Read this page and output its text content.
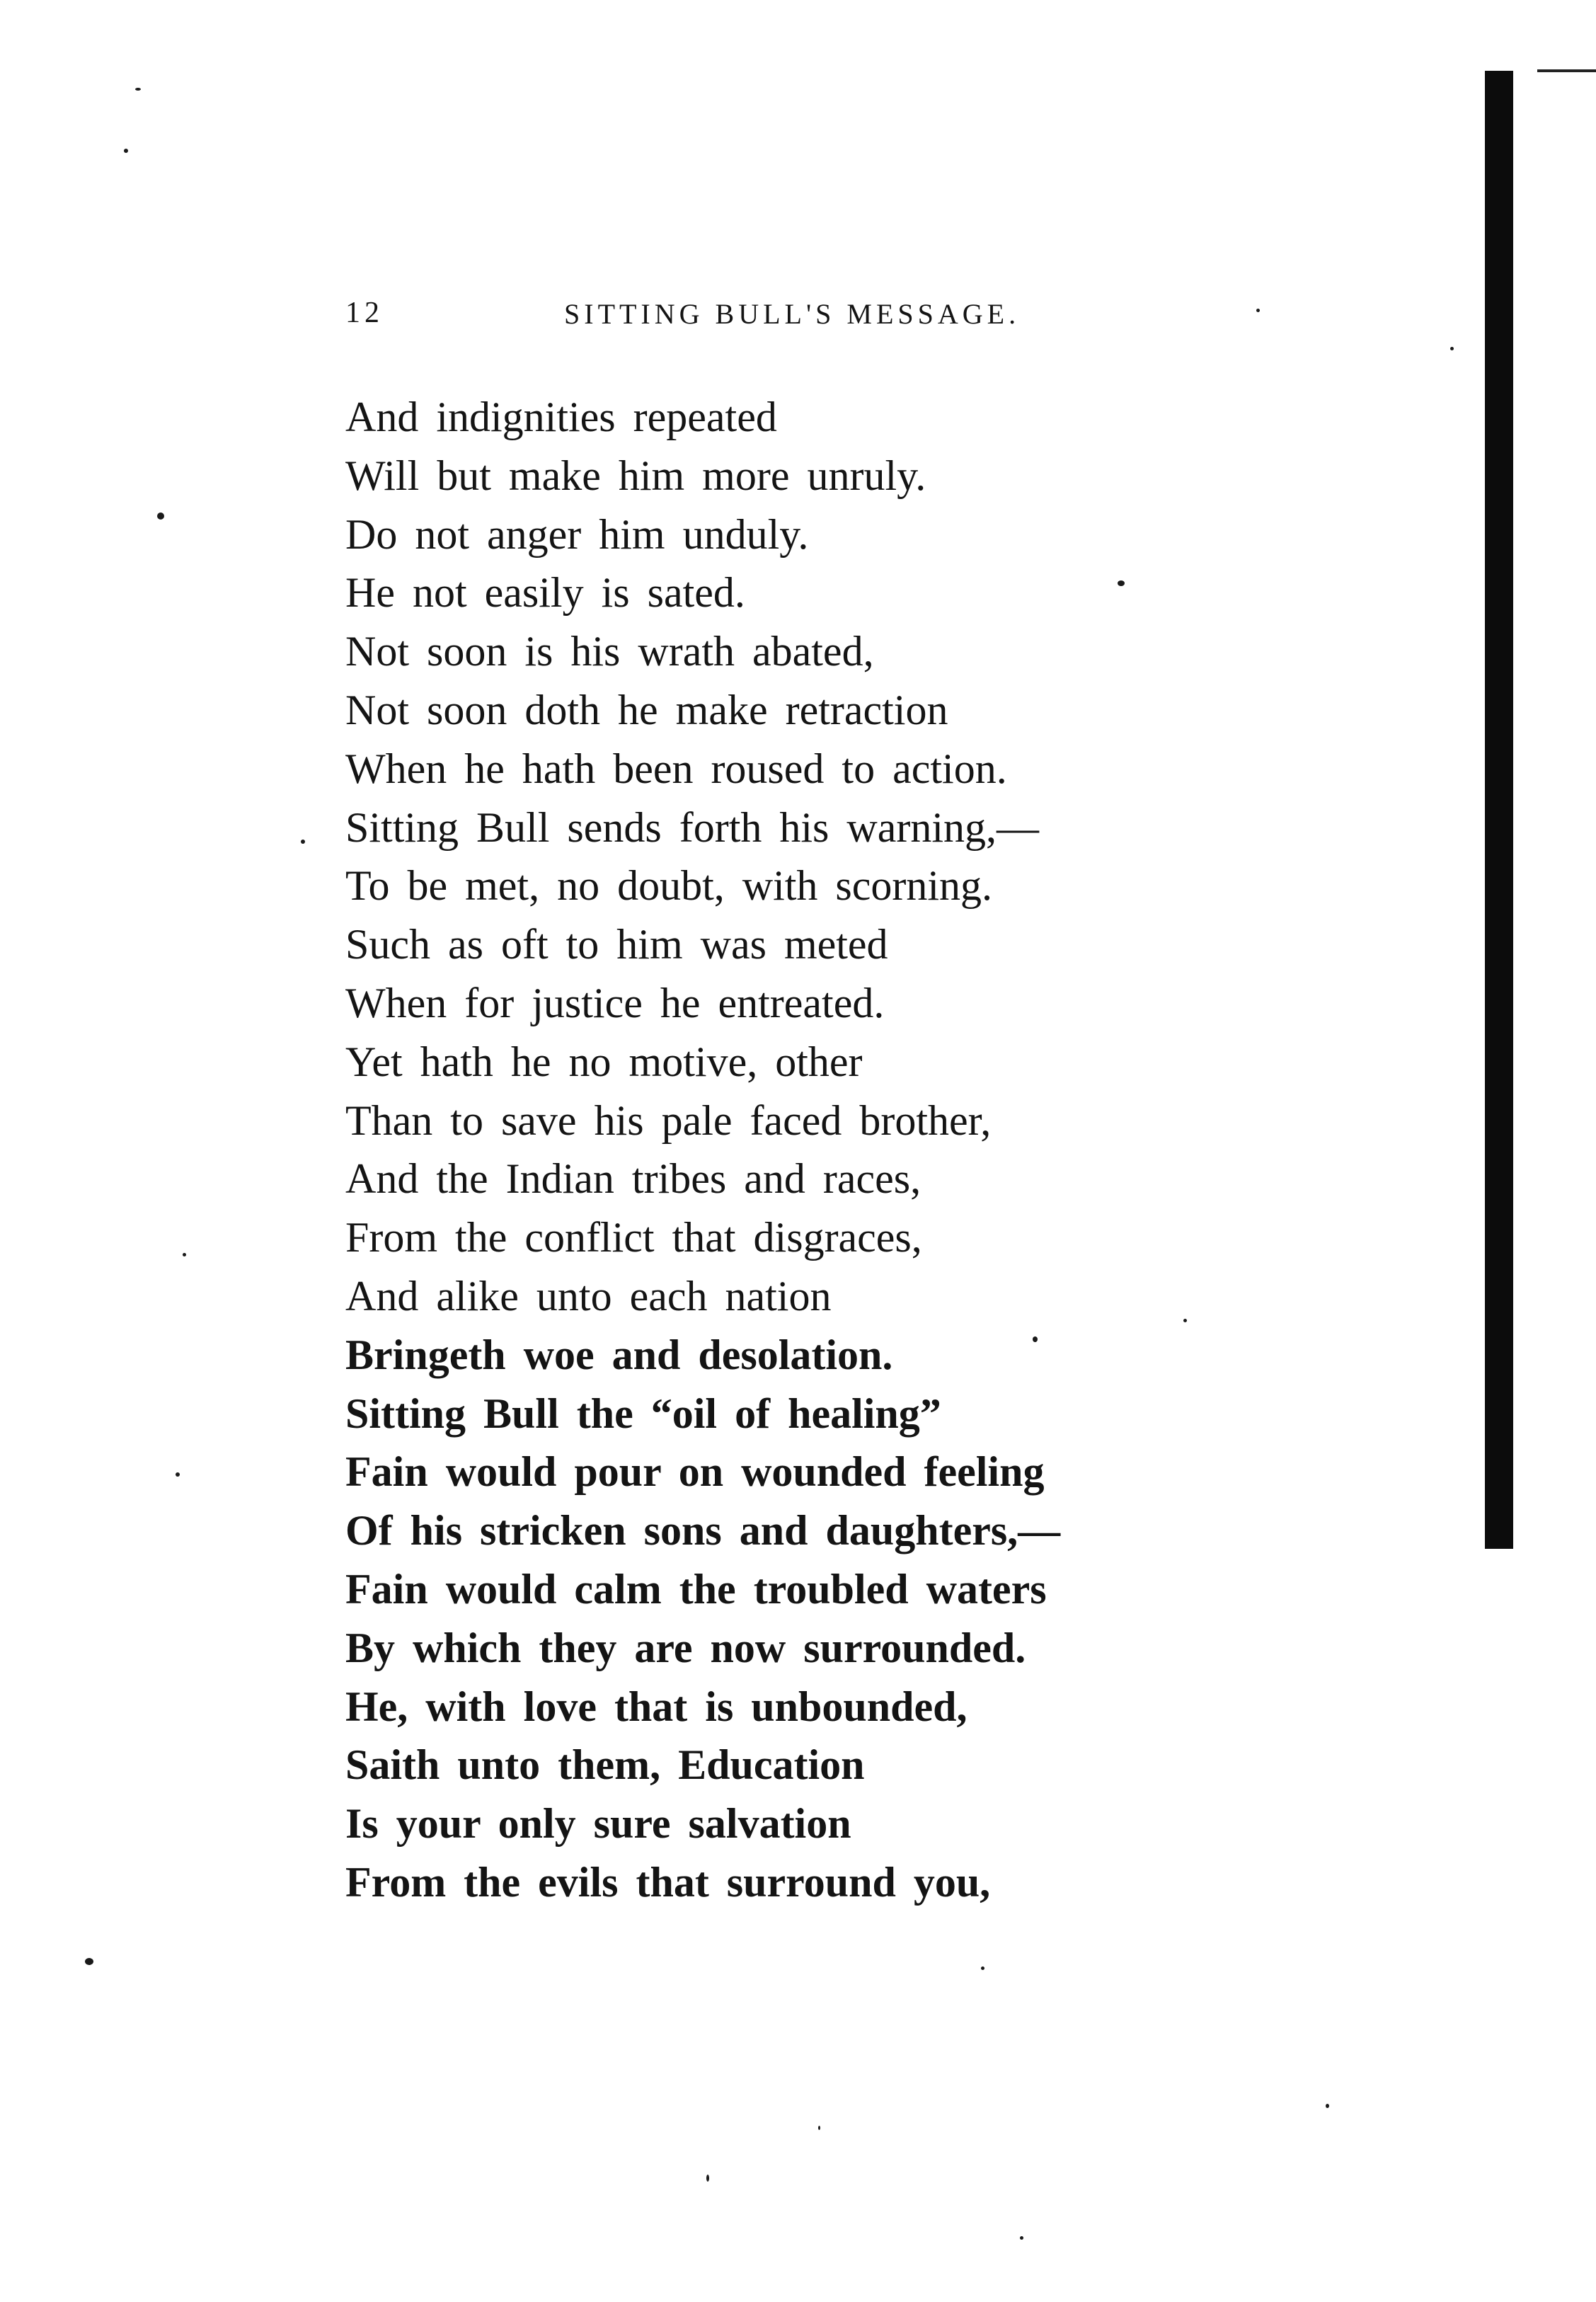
12	SITTING BULL'S MESSAGE.
And indignities repeated
Will but make him more unruly.
Do not anger him unduly.
He not easily is sated.
Not soon is his wrath abated,
Not soon doth he make retraction
When he hath been roused to action.
Sitting Bull sends forth his warning,—
To be met, no doubt, with scorning.
Such as oft to him was meted
When for justice he entreated.
Yet hath he no motive, other
Than to save his pale faced brother,
And the Indian tribes and races,
From the conflict that disgraces,
And alike unto each nation
Bringeth woe and desolation.
Sitting Bull the “oil of healing”
Fain would pour on wounded feeling
Of his stricken sons and daughters,—
Fain would calm the troubled waters
By which they are now surrounded.
He, with love that is unbounded,
Saith unto them, Education
Is your only sure salvation
From the evils that surround you,
